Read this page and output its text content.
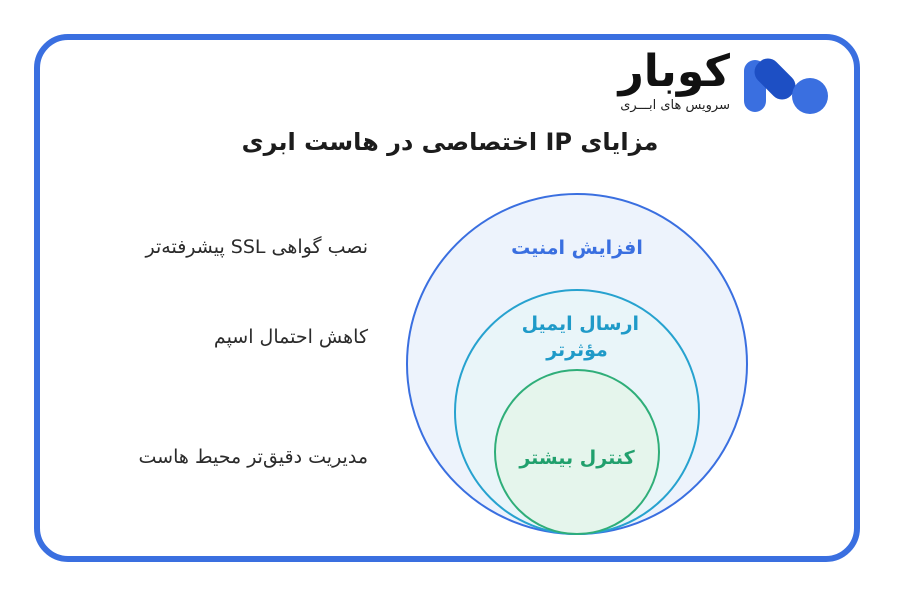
کوبار
سرویس های ابـــری
مزایای IP اختصاصی در هاست ابری
نصب گواهی SSL پیشرفته‌تر
کاهش احتمال اسپم
مدیریت دقیق‌تر محیط هاست
افزایش امنیت
ارسال ایمیل مؤثرتر
کنترل بیشتر
